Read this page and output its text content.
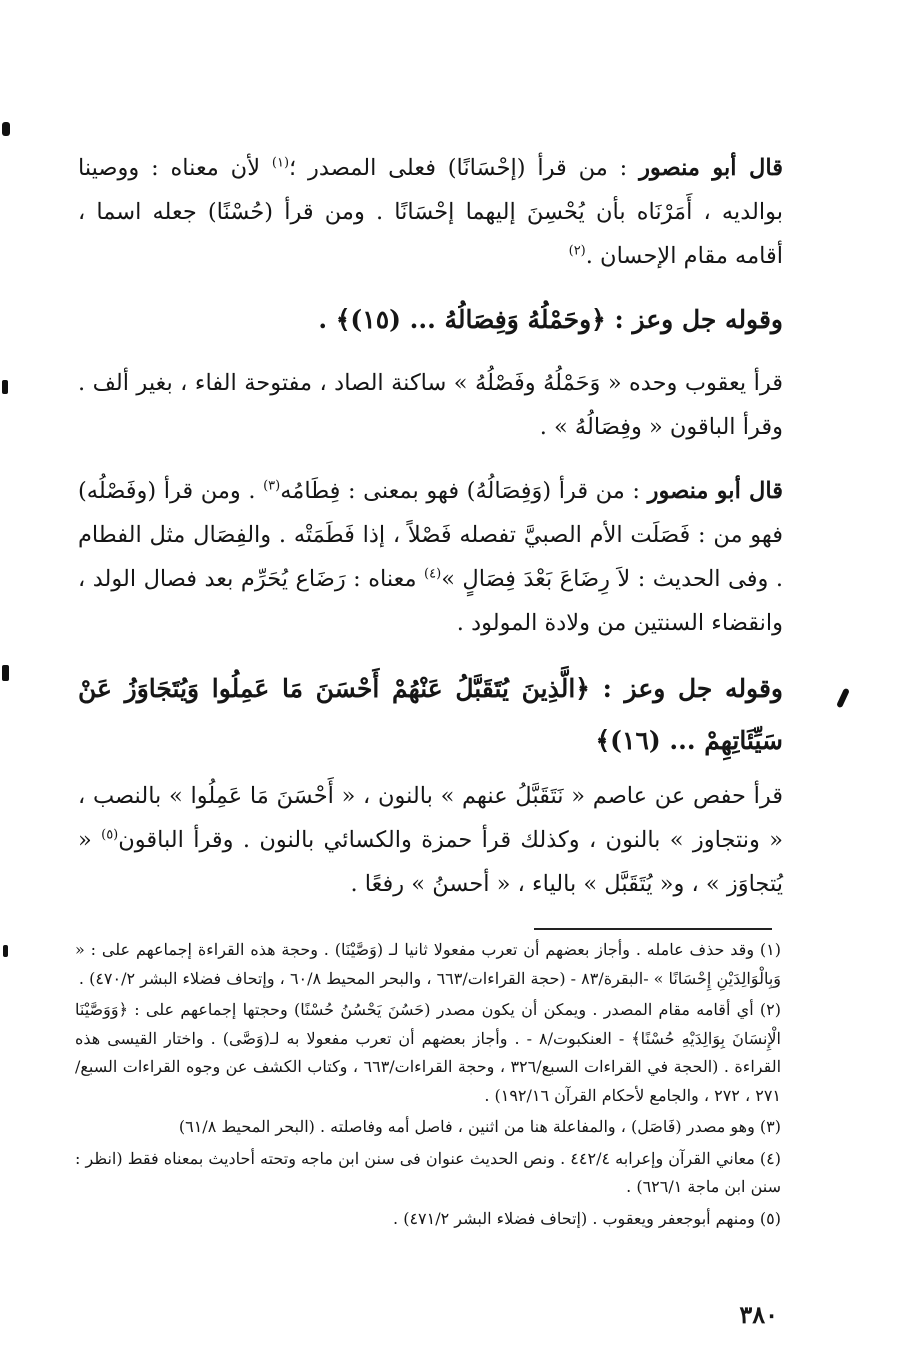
قال أبو منصور : من قرأ (إحْسَانًا) فعلى المصدر ؛$^{(١)}$ لأن معناه : ووصينا بوالديه ، أَمَرْنَاه بأن يُحْسِنَ إليهما إحْسَانًا . ومن قرأ (حُسْنًا) جعله اسما ، أقامه مقام الإحسان .$^{(٢)}$

وقوله جل وعز : ﴿وحَمْلُهُ وَفِصَالُهُ ... (١٥)﴾ .

قرأ يعقوب وحده « وَحَمْلُهُ وفَصْلُهُ » ساكنة الصاد ، مفتوحة الفاء ، بغير ألف . وقرأ الباقون « وفِصَالُهُ » .

قال أبو منصور : من قرأ (وَفِصَالُهُ) فهو بمعنى : فِطَامُه$^{(٣)}$ . ومن قرأ (وفَصْلُه) فهو من : فَصَلَت الأم الصبيَّ تفصله فَصْلاً ، إذا فَطَمَتْه . والفِصَال مثل الفطام . وفى الحديث : لاَ رِضَاعَ بَعْدَ فِصَالٍ »$^{(٤)}$ معناه : رَضَاع يُحَرِّم بعد فصال الولد ، وانقضاء السنتين من ولادة المولود .

وقوله جل وعز : ﴿الَّذِينَ يُتَقَبَّلُ عَنْهُمْ أَحْسَنَ مَا عَمِلُوا وَيُتَجَاوَزُ عَنْ سَيِّئَاتِهِمْ ... (١٦)﴾

قرأ حفص عن عاصم « نَتَقَبَّلُ عنهم » بالنون ، « أَحْسَنَ مَا عَمِلُوا » بالنصب ، « ونتجاوز » بالنون ، وكذلك قرأ حمزة والكسائي بالنون . وقرأ الباقون$^{(٥)}$ « يُتجاوَز » ، و« يُتَقَبَّل » بالياء ، « أحسنُ » رفعًا .

(١) وقد حذف عامله . وأجاز بعضهم أن تعرب مفعولا ثانيا لـ (وَصَّيْنَا) . وحجة هذه القراءة إجماعهم على : « وَبِالْوَالِدَيْنِ إِحْسَانًا » -البقرة/٨٣ - (حجة القراءات/٦٦٣ ، والبحر المحيط ٦٠/٨ ، وإتحاف فضلاء البشر ٤٧٠/٢) .

(٢) أي أقامه مقام المصدر . ويمكن أن يكون مصدر (حَسُنَ يَحْسُنُ حُسْنًا) وحجتها إجماعهم على : ﴿وَوَصَّيْنَا الْإِنسَانَ بِوَالِدَيْهِ حُسْنًا﴾ - العنكبوت/٨ - . وأجاز بعضهم أن تعرب مفعولا به لـ(وَصَّى) . واختار القيسى هذه القراءة . (الحجة في القراءات السبع/٣٢٦ ، وحجة القراءات/٦٦٣ ، وكتاب الكشف عن وجوه القراءات السبع/٢٧١ ، ٢٧٢ ، والجامع لأحكام القرآن ١٩٢/١٦) .

(٣) وهو مصدر (فَاصَل) ، والمفاعلة هنا من اثنين ، فاصل أمه وفاصلته . (البحر المحيط ٦١/٨)

(٤) معاني القرآن وإعرابه ٤٤٢/٤ . ونص الحديث عنوان فى سنن ابن ماجه وتحته أحاديث بمعناه فقط (انظر : سنن ابن ماجة ٦٢٦/١) .

(٥) ومنهم أبوجعفر ويعقوب . (إتحاف فضلاء البشر ٤٧١/٢) .

٣٨٠
